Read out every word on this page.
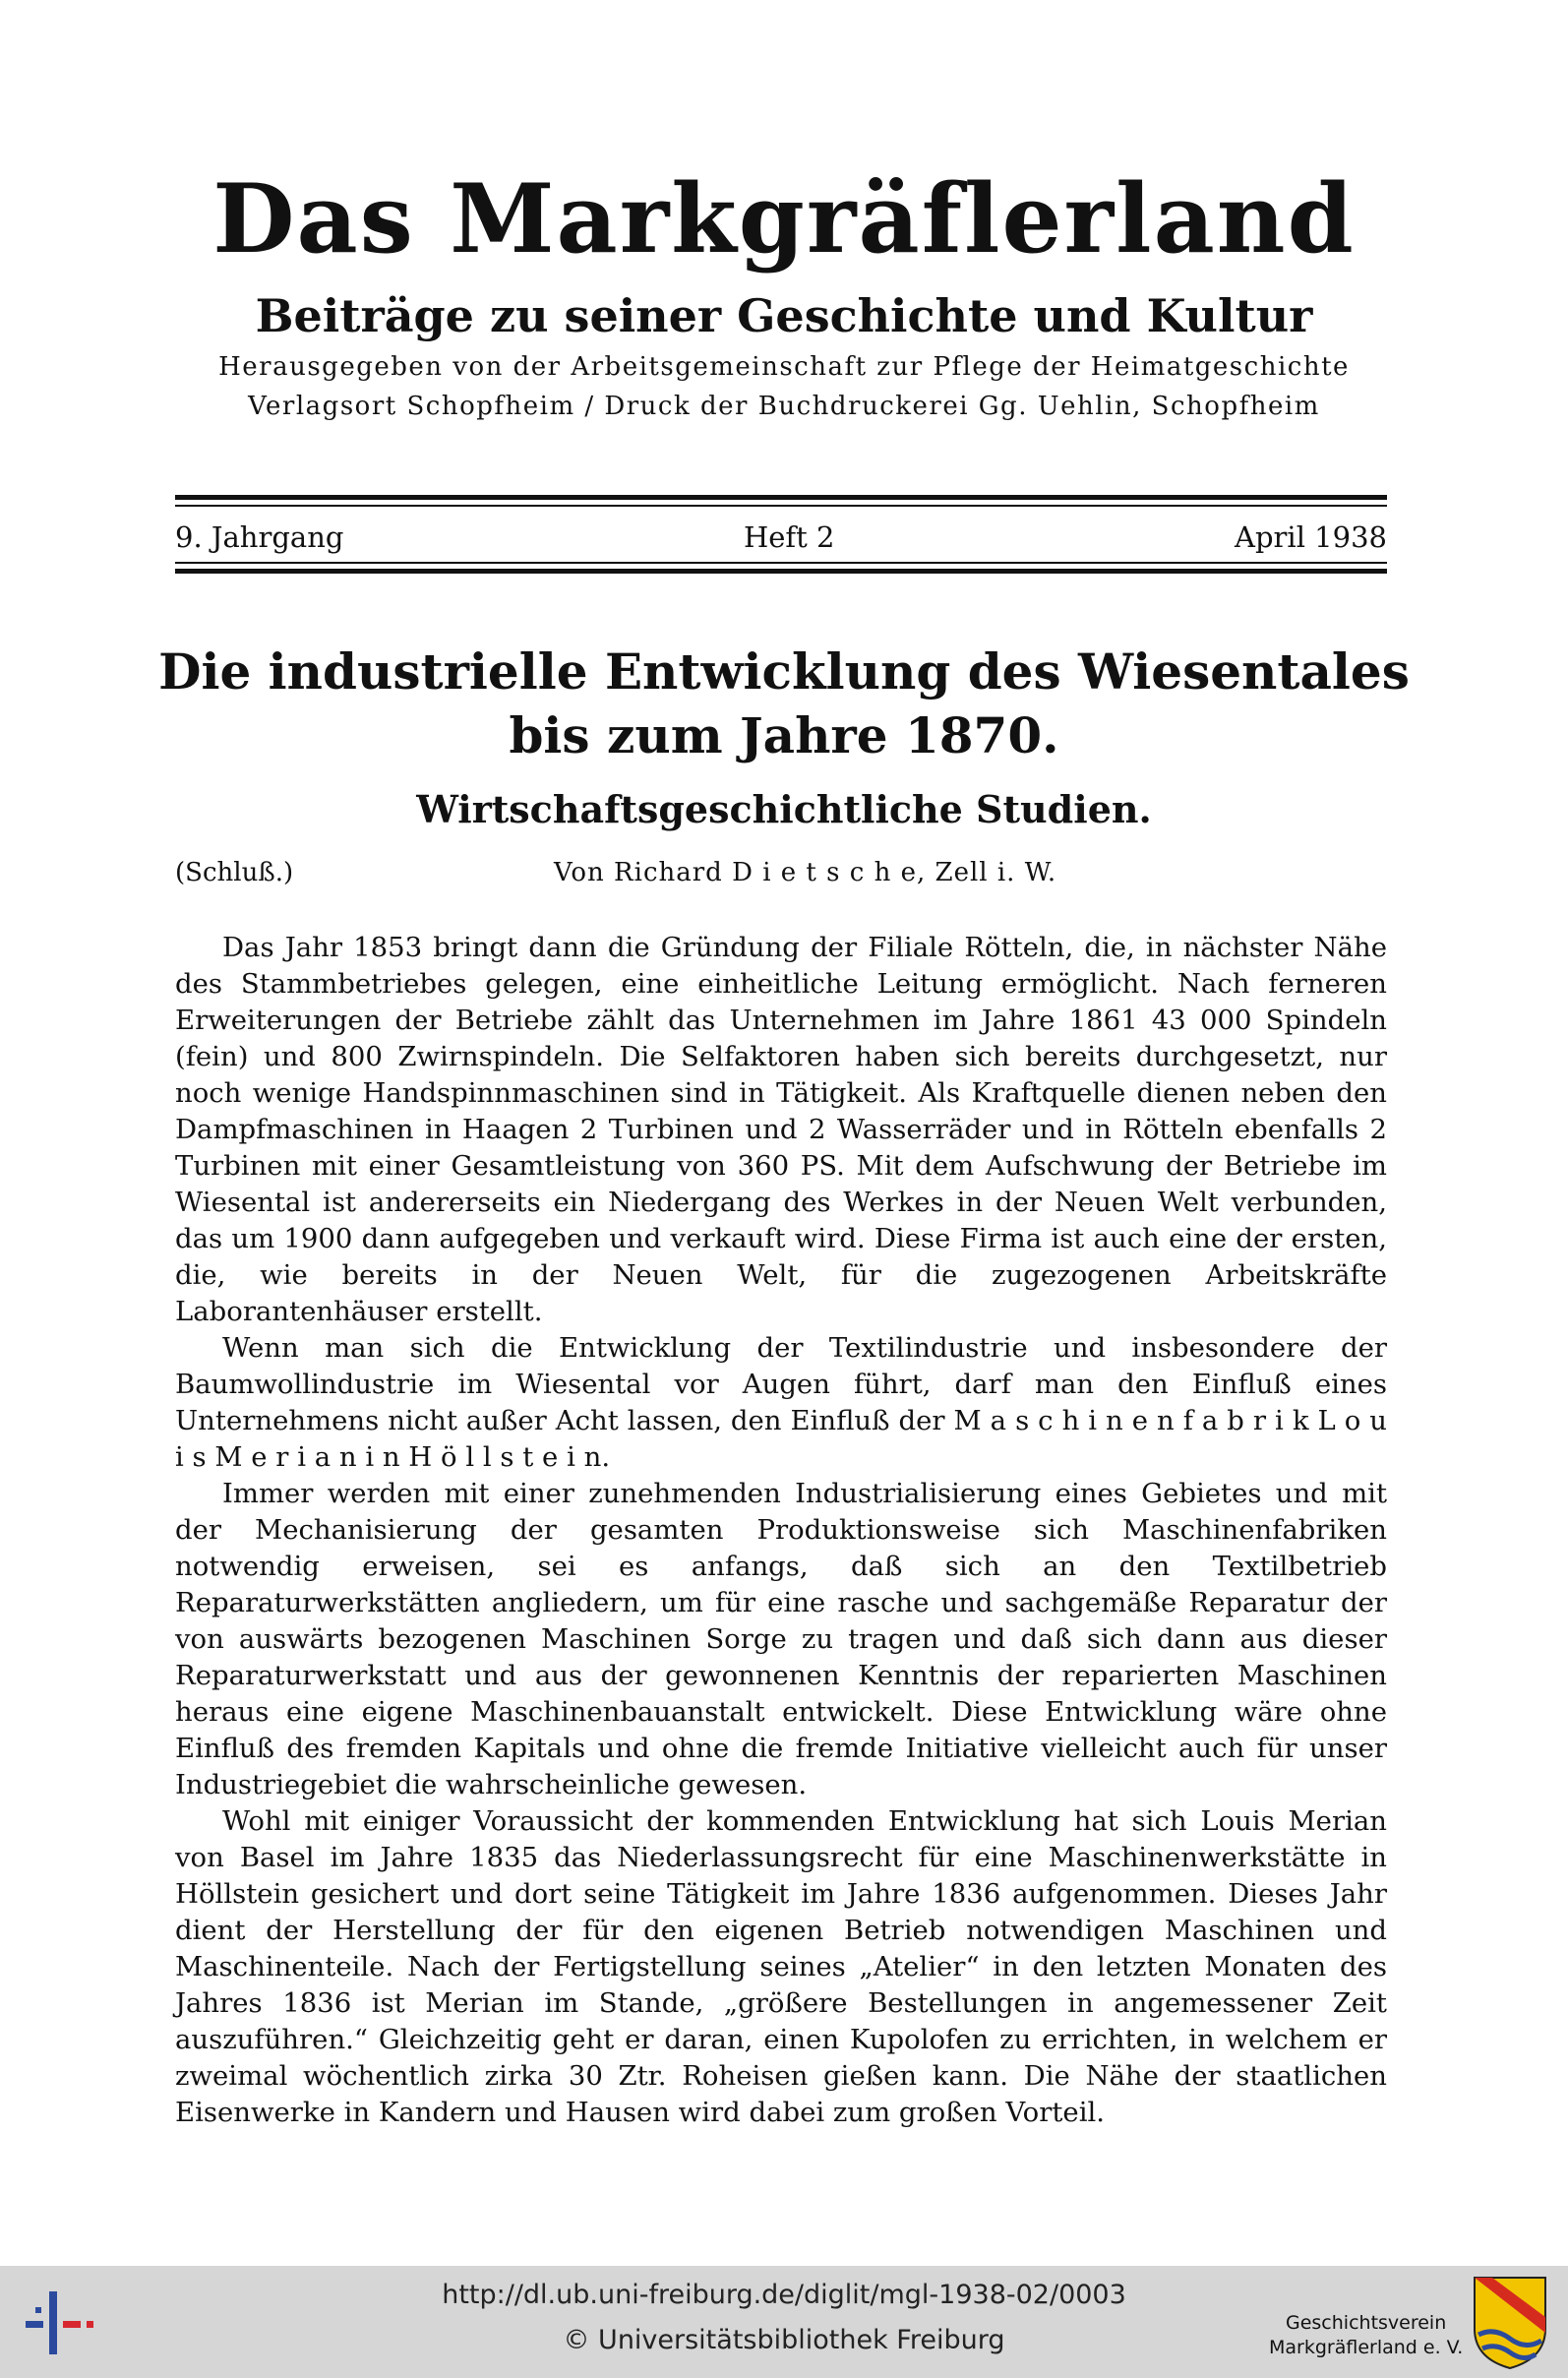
Das Markgräflerland
Beiträge zu seiner Geschichte und Kultur
Herausgegeben von der Arbeitsgemeinschaft zur Pflege der Heimatgeschichte
Verlagsort Schopfheim / Druck der Buchdruckerei Gg. Uehlin, Schopfheim
9. Jahrgang	Heft 2	April 1938
Die industrielle Entwicklung des Wiesentales
bis zum Jahre 1870.
Wirtschaftsgeschichtliche Studien.
(Schluß.)	Von Richard D i e t s c h e, Zell i. W.

Das Jahr 1853 bringt dann die Gründung der Filiale Rötteln, die, in nächster Nähe des Stammbetriebes gelegen, eine einheitliche Leitung ermöglicht. Nach ferneren Erweiterungen der Betriebe zählt das Unternehmen im Jahre 1861 43 000 Spindeln (fein) und 800 Zwirnspindeln. Die Selfaktoren haben sich bereits durchgesetzt, nur noch wenige Handspinnmaschinen sind in Tätigkeit. Als Kraftquelle dienen neben den Dampfmaschinen in Haagen 2 Turbinen und 2 Wasserräder und in Rötteln ebenfalls 2 Turbinen mit einer Gesamtleistung von 360 PS. Mit dem Aufschwung der Betriebe im Wiesental ist andererseits ein Niedergang des Werkes in der Neuen Welt verbunden, das um 1900 dann aufgegeben und verkauft wird. Diese Firma ist auch eine der ersten, die, wie bereits in der Neuen Welt, für die zugezogenen Arbeitskräfte Laborantenhäuser erstellt.

Wenn man sich die Entwicklung der Textilindustrie und insbesondere der Baumwollindustrie im Wiesental vor Augen führt, darf man den Einfluß eines Unternehmens nicht außer Acht lassen, den Einfluß der M a s c h i n e n f a b r i k L o u i s M e r i a n i n H ö l l s t e i n.

Immer werden mit einer zunehmenden Industrialisierung eines Gebietes und mit der Mechanisierung der gesamten Produktionsweise sich Maschinenfabriken notwendig erweisen, sei es anfangs, daß sich an den Textilbetrieb Reparaturwerkstätten angliedern, um für eine rasche und sachgemäße Reparatur der von auswärts bezogenen Maschinen Sorge zu tragen und daß sich dann aus dieser Reparaturwerkstatt und aus der gewonnenen Kenntnis der reparierten Maschinen heraus eine eigene Maschinenbauanstalt entwickelt. Diese Entwicklung wäre ohne Einfluß des fremden Kapitals und ohne die fremde Initiative vielleicht auch für unser Industriegebiet die wahrscheinliche gewesen.

Wohl mit einiger Voraussicht der kommenden Entwicklung hat sich Louis Merian von Basel im Jahre 1835 das Niederlassungsrecht für eine Maschinenwerkstätte in Höllstein gesichert und dort seine Tätigkeit im Jahre 1836 aufgenommen. Dieses Jahr dient der Herstellung der für den eigenen Betrieb notwendigen Maschinen und Maschinenteile. Nach der Fertigstellung seines „Atelier“ in den letzten Monaten des Jahres 1836 ist Merian im Stande, „größere Bestellungen in angemessener Zeit auszuführen.“ Gleichzeitig geht er daran, einen Kupolofen zu errichten, in welchem er zweimal wöchentlich zirka 30 Ztr. Roheisen gießen kann. Die Nähe der staatlichen Eisenwerke in Kandern und Hausen wird dabei zum großen Vorteil.

http://dl.ub.uni-freiburg.de/diglit/mgl-1938-02/0003
© Universitätsbibliothek Freiburg
Geschichtsverein
Markgräflerland e. V.
